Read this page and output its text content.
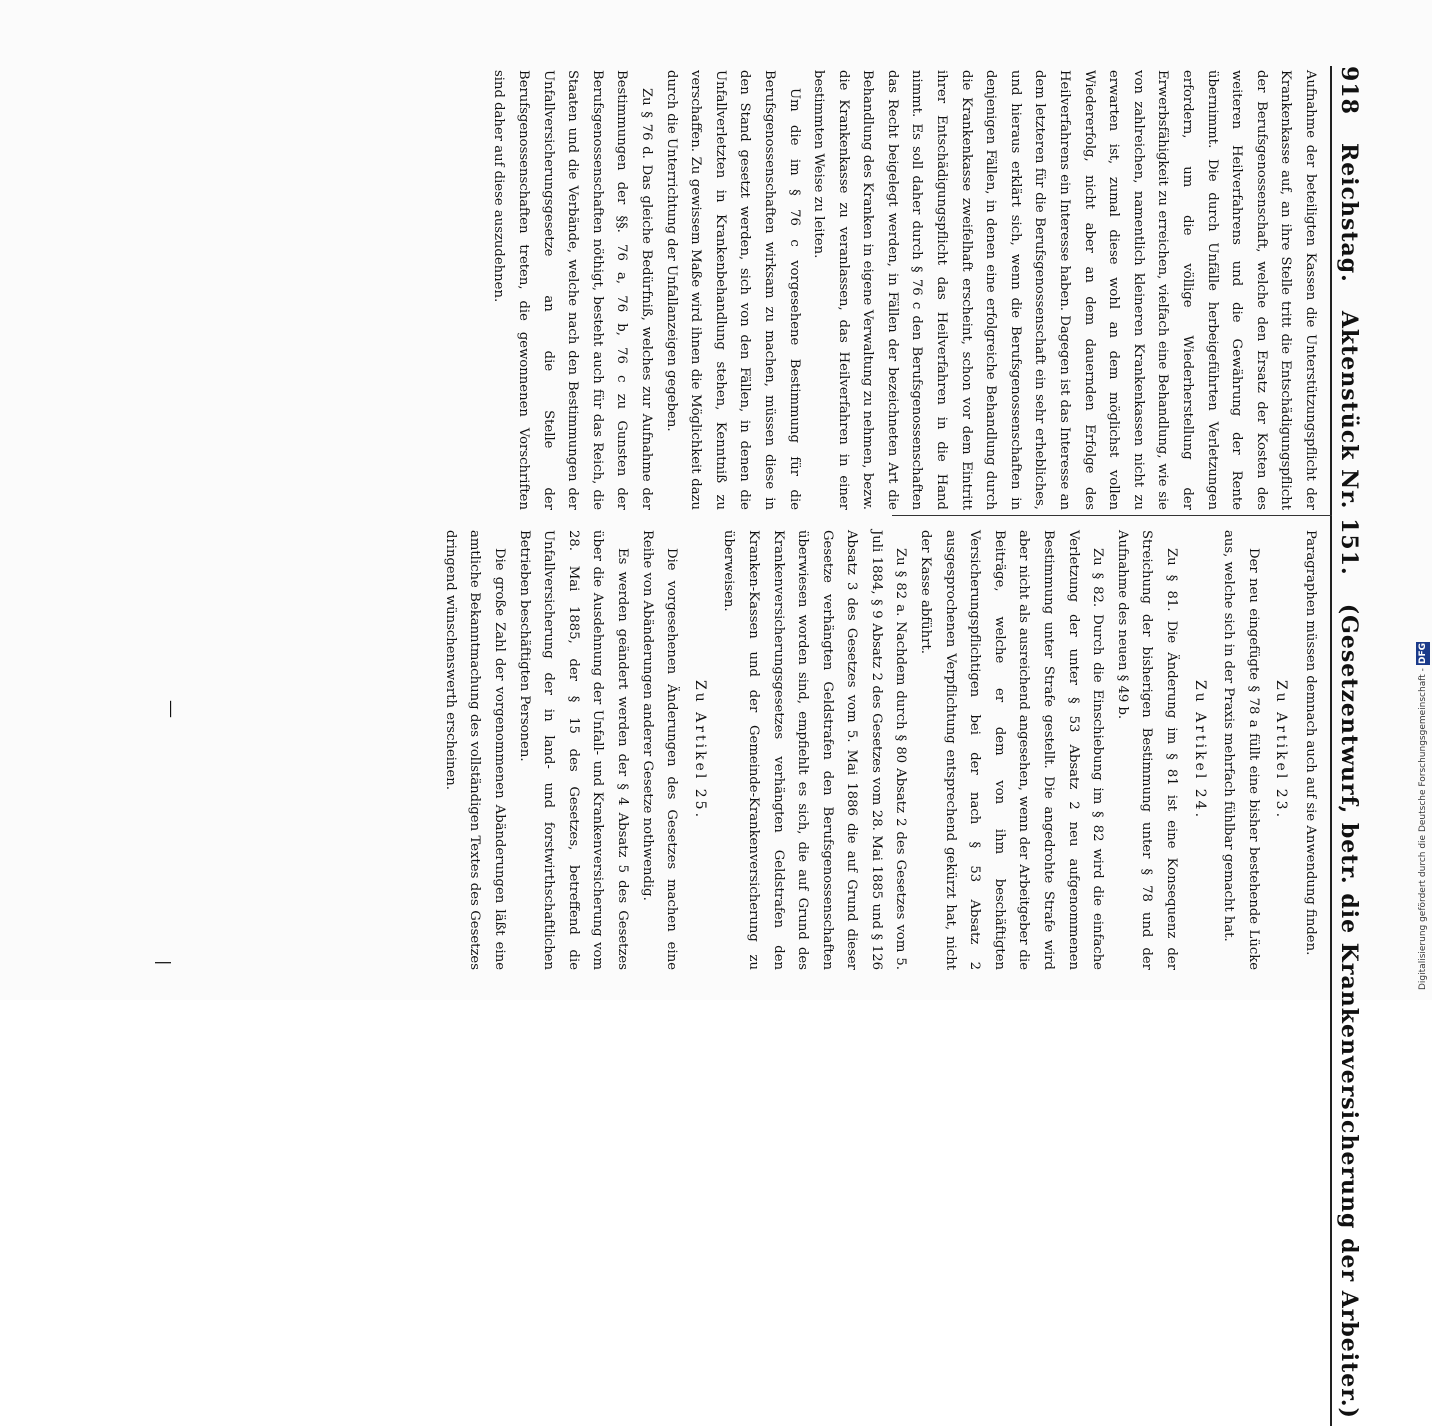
918
Reichstag.
Aktenstück Nr. 151.
(Gesetzentwurf, betr. die Krankenversicherung der Arbeiter.)

Aufnahme der beteiligten Kassen die Unterstützungspflicht der Krankenkasse auf, an ihre Stelle tritt die Entschädigungspflicht der Berufsgenossenschaft, welche den Ersatz der Kosten des weiteren Heilverfahrens und die Gewährung der Rente übernimmt. Die durch Unfälle herbeigeführten Verletzungen erfordern, um die völlige Wiederherstellung der Erwerbsfähigkeit zu erreichen, vielfach eine Behandlung, wie sie von zahlreichen, namentlich kleineren Krankenkassen nicht zu erwarten ist, zumal diese wohl an dem möglichst vollen Wiedererfolg, nicht aber an dem dauernden Erfolge des Heilverfahrens ein Interesse haben. Dagegen ist das Interesse an dem letzteren für die Berufsgenossenschaft ein sehr erhebliches, und hieraus erklärt sich, wenn die Berufsgenossenschaften in denjenigen Fällen, in denen eine erfolgreiche Behandlung durch die Krankenkasse zweifelhaft erscheint, schon vor dem Eintritt ihrer Entschädigungspflicht das Heilverfahren in die Hand nimmt. Es soll daher durch § 76 c den Berufsgenossenschaften das Recht beigelegt werden, in Fällen der bezeichneten Art die Behandlung des Kranken in eigene Verwaltung zu nehmen, bezw. die Krankenkasse zu veranlassen, das Heilverfahren in einer bestimmten Weise zu leiten.

Um die im § 76 c vorgesehene Bestimmung für die Berufsgenossenschaften wirksam zu machen, müssen diese in den Stand gesetzt werden, sich von den Fällen, in denen die Unfallverletzten in Krankenbehandlung stehen, Kenntniß zu verschaffen. Zu gewissem Maße wird ihnen die Möglichkeit dazu durch die Unterrichtung der Unfallanzeigen gegeben.

Zu § 76 d. Das gleiche Bedürfniß, welches zur Aufnahme der Bestimmungen der §§. 76 a, 76 b, 76 c zu Gunsten der Berufsgenossenschaften nöthigt, besteht auch für das Reich, die Staaten und die Verbände, welche nach den Bestimmungen der Unfallversicherungsgesetze an die Stelle der Berufsgenossenschaften treten, die gewonnenen Vorschriften sind daher auf diese auszudehnen.

Paragraphen müssen demnach auch auf sie Anwendung finden.

Zu Artikel 23.

Der neu eingefügte § 78 a füllt eine bisher bestehende Lücke aus, welche sich in der Praxis mehrfach fühlbar gemacht hat.

Zu Artikel 24.

Zu § 81. Die Änderung im § 81 ist eine Konsequenz der Streichung der bisherigen Bestimmung unter § 78 und der Aufnahme des neuen § 49 b.

Zu § 82. Durch die Einschiebung im § 82 wird die einfache Verletzung der unter § 53 Absatz 2 neu aufgenommenen Bestimmung unter Strafe gestellt. Die angedrohte Strafe wird aber nicht als ausreichend angesehen, wenn der Arbeitgeber die Beiträge, welche er dem von ihm beschäftigten Versicherungspflichtigen bei der nach § 53 Absatz 2 ausgesprochenen Verpflichtung entsprechend gekürzt hat, nicht der Kasse abführt.

Zu § 82 a. Nachdem durch § 80 Absatz 2 des Gesetzes vom 5. Juli 1884, § 9 Absatz 2 des Gesetzes vom 28. Mai 1885 und § 126 Absatz 3 des Gesetzes vom 5. Mai 1886 die auf Grund dieser Gesetze verhängten Geldstrafen den Berufsgenossenschaften überwiesen worden sind, empfiehlt es sich, die auf Grund des Krankenversicherungsgesetzes verhängten Geldstrafen den Kranken-Kassen und der Gemeinde-Krankenversicherung zu überweisen.

Zu Artikel 25.

Die vorgesehenen Änderungen des Gesetzes machen eine Reihe von Abänderungen anderer Gesetze nothwendig.

Es werden geändert werden der § 4 Absatz 5 des Gesetzes über die Ausdehnung der Unfall- und Krankenversicherung vom 28. Mai 1885, der § 15 des Gesetzes, betreffend die Unfallversicherung der in land- und forstwirthschaftlichen Betrieben beschäftigten Personen.

Die große Zahl der vorgenommenen Abänderungen läßt eine amtliche Bekanntmachung des vollständigen Textes des Gesetzes dringend wünschenswerth erscheinen.

—
|	Digitalisierung gefördert durch die Deutsche Forschungsgemeinschaft - DFG
